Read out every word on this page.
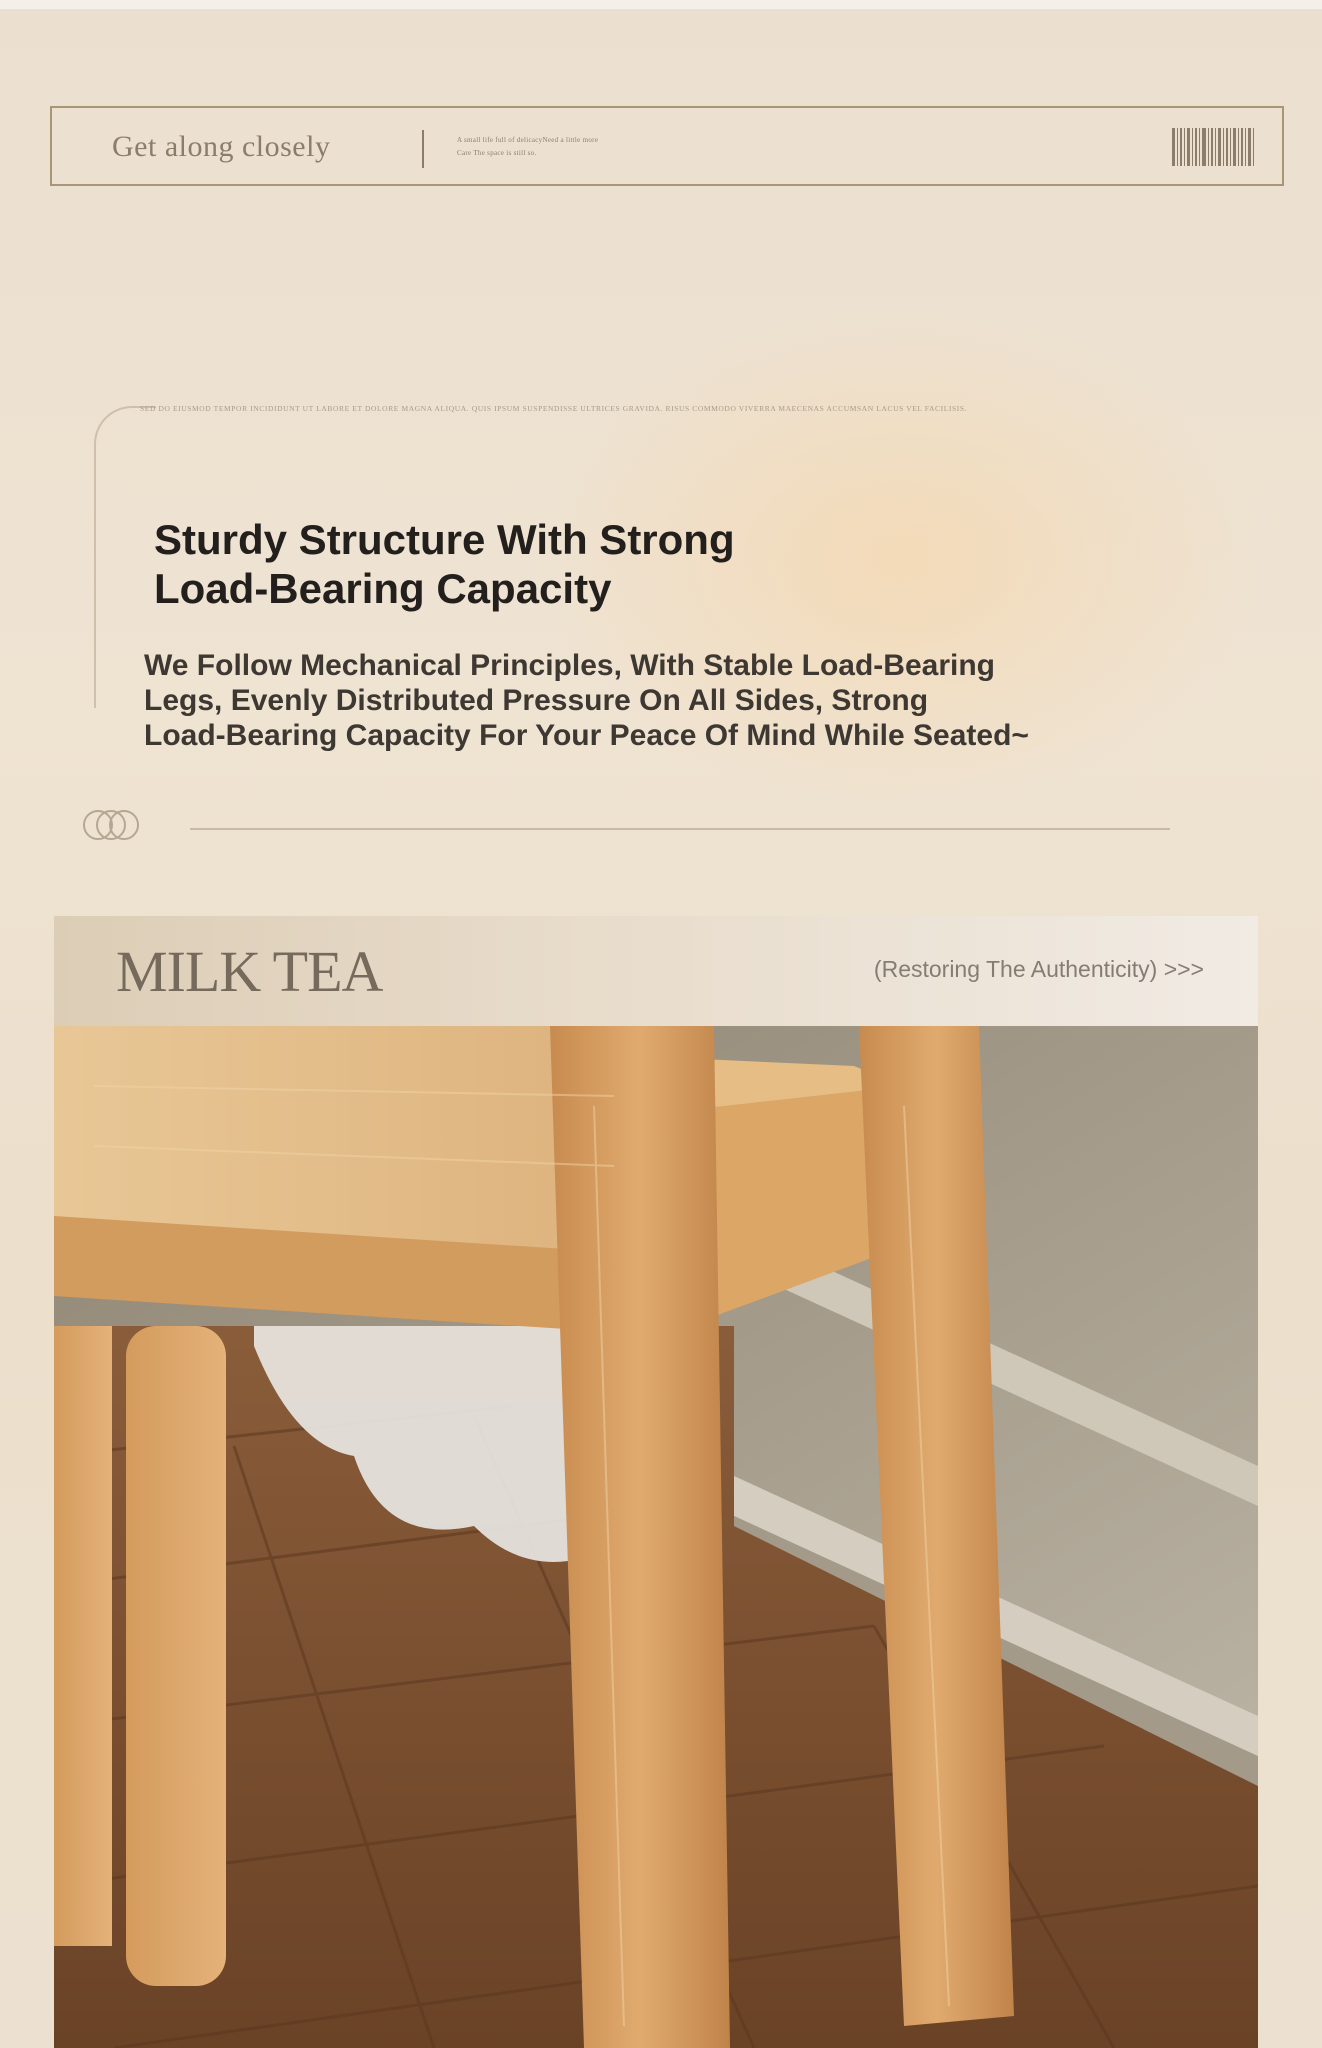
Get along closely	A small life full of delicacyNeed a little more
Care The space is still so.
SED DO EIUSMOD TEMPOR INCIDIDUNT UT LABORE ET DOLORE MAGNA ALIQUA. QUIS IPSUM SUSPENDISSE ULTRICES GRAVIDA. RISUS COMMODO VIVERRA MAECENAS ACCUMSAN LACUS VEL FACILISIS.
Sturdy Structure With Strong
Load-Bearing Capacity

We Follow Mechanical Principles, With Stable Load-Bearing
Legs, Evenly Distributed Pressure On All Sides, Strong
Load-Bearing Capacity For Your Peace Of Mind While Seated~

MILK TEA	(Restoring The Authenticity) >>>
